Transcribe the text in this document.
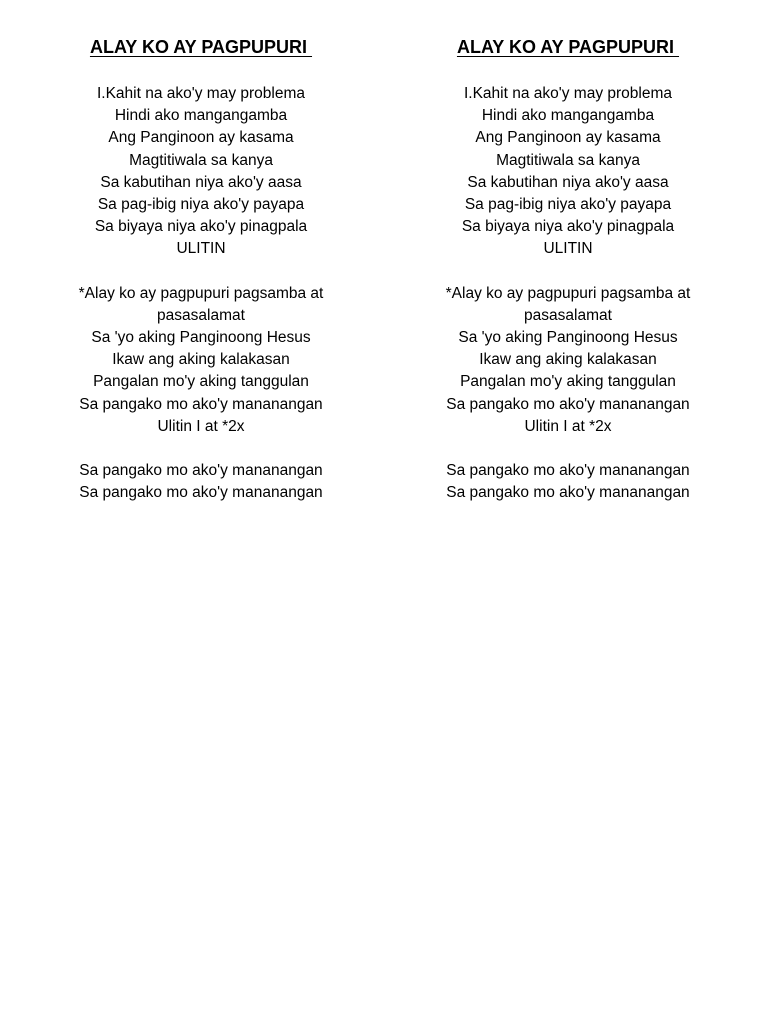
ALAY KO AY PAGPUPURI
I.Kahit na ako'y may problema
Hindi ako mangangamba
Ang Panginoon ay kasama
Magtitiwala sa kanya
Sa kabutihan niya ako'y aasa
Sa pag-ibig niya ako'y payapa
Sa biyaya niya ako'y pinagpala
ULITIN
*Alay ko ay pagpupuri pagsamba at
pasasalamat
Sa 'yo aking Panginoong Hesus
Ikaw ang aking kalakasan
Pangalan mo'y aking tanggulan
Sa pangako mo ako'y mananangan
Ulitin I at *2x
Sa pangako mo ako'y mananangan
Sa pangako mo ako'y mananangan
ALAY KO AY PAGPUPURI
I.Kahit na ako'y may problema
Hindi ako mangangamba
Ang Panginoon ay kasama
Magtitiwala sa kanya
Sa kabutihan niya ako'y aasa
Sa pag-ibig niya ako'y payapa
Sa biyaya niya ako'y pinagpala
ULITIN
*Alay ko ay pagpupuri pagsamba at
pasasalamat
Sa 'yo aking Panginoong Hesus
Ikaw ang aking kalakasan
Pangalan mo'y aking tanggulan
Sa pangako mo ako'y mananangan
Ulitin I at *2x
Sa pangako mo ako'y mananangan
Sa pangako mo ako'y mananangan
